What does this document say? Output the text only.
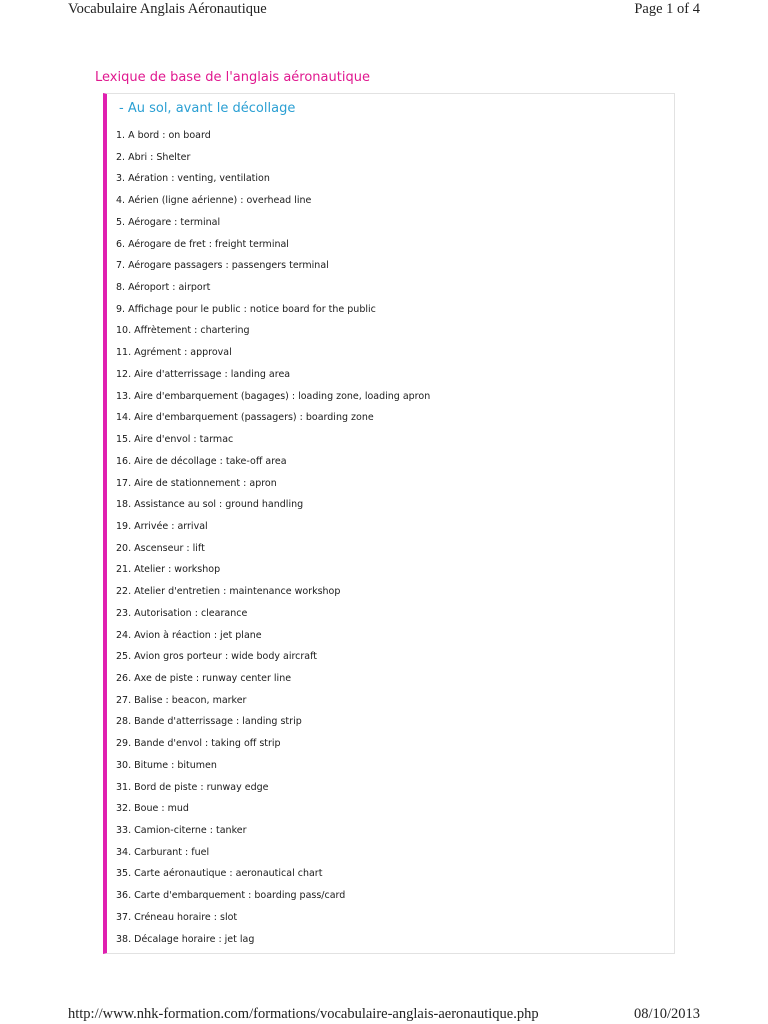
Vocabulaire Anglais Aéronautique	Page 1 of 4
Lexique de base de l'anglais aéronautique
- Au sol, avant le décollage
1. A bord : on board
2. Abri : Shelter
3. Aération : venting, ventilation
4. Aérien (ligne aérienne) : overhead line
5. Aérogare : terminal
6. Aérogare de fret : freight terminal
7. Aérogare passagers : passengers terminal
8. Aéroport : airport
9. Affichage pour le public : notice board for the public
10. Affrètement : chartering
11. Agrément : approval
12. Aire d'atterrissage : landing area
13. Aire d'embarquement (bagages) : loading zone, loading apron
14. Aire d'embarquement (passagers) : boarding zone
15. Aire d'envol : tarmac
16. Aire de décollage : take-off area
17. Aire de stationnement : apron
18. Assistance au sol : ground handling
19. Arrivée : arrival
20. Ascenseur : lift
21. Atelier : workshop
22. Atelier d'entretien : maintenance workshop
23. Autorisation : clearance
24. Avion à réaction : jet plane
25. Avion gros porteur : wide body aircraft
26. Axe de piste : runway center line
27. Balise : beacon, marker
28. Bande d'atterrissage : landing strip
29. Bande d'envol : taking off strip
30. Bitume : bitumen
31. Bord de piste : runway edge
32. Boue : mud
33. Camion-citerne : tanker
34. Carburant : fuel
35. Carte aéronautique : aeronautical chart
36. Carte d'embarquement : boarding pass/card
37. Créneau horaire : slot
38. Décalage horaire : jet lag
http://www.nhk-formation.com/formations/vocabulaire-anglais-aeronautique.php	08/10/2013
